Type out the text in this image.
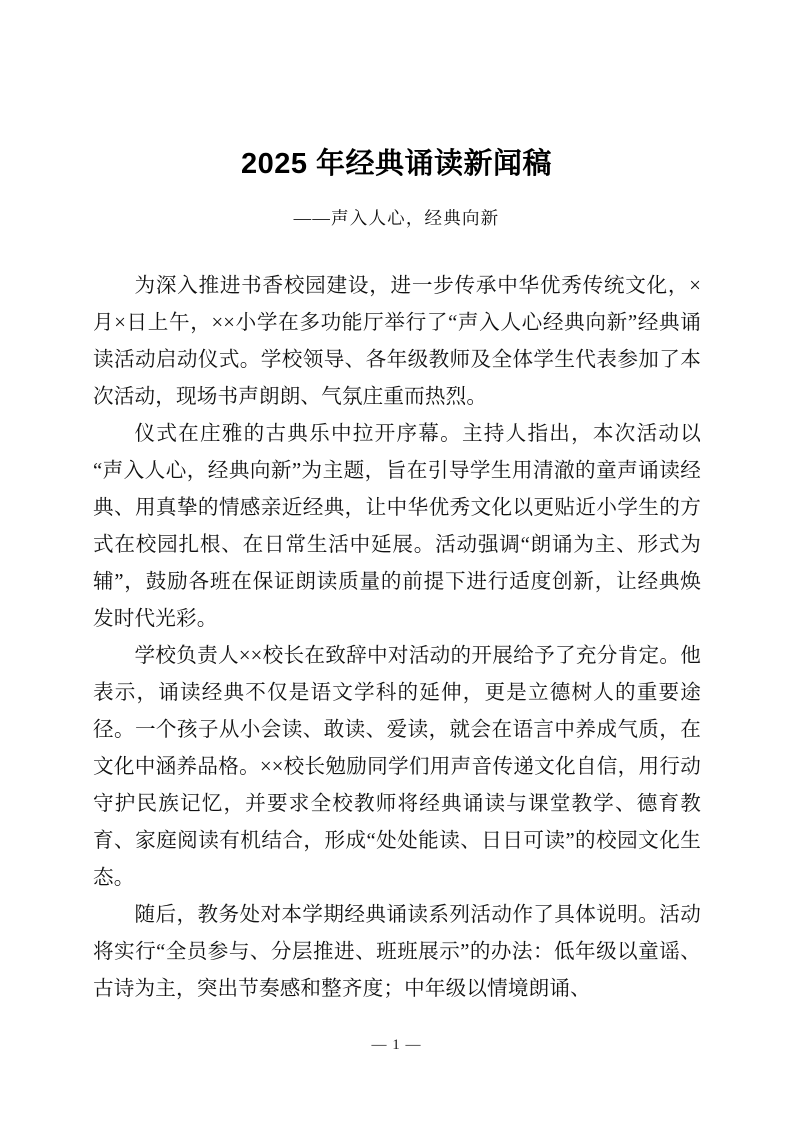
2025 年经典诵读新闻稿
——声入人心，经典向新

为深入推进书香校园建设，进一步传承中华优秀传统文化，×月×日上午，××小学在多功能厅举行了“声入人心经典向新”经典诵读活动启动仪式。学校领导、各年级教师及全体学生代表参加了本次活动，现场书声朗朗、气氛庄重而热烈。

仪式在庄雅的古典乐中拉开序幕。主持人指出，本次活动以“声入人心，经典向新”为主题，旨在引导学生用清澈的童声诵读经典、用真挚的情感亲近经典，让中华优秀文化以更贴近小学生的方式在校园扎根、在日常生活中延展。活动强调“朗诵为主、形式为辅”，鼓励各班在保证朗读质量的前提下进行适度创新，让经典焕发时代光彩。

学校负责人××校长在致辞中对活动的开展给予了充分肯定。他表示，诵读经典不仅是语文学科的延伸，更是立德树人的重要途径。一个孩子从小会读、敢读、爱读，就会在语言中养成气质，在文化中涵养品格。××校长勉励同学们用声音传递文化自信，用行动守护民族记忆，并要求全校教师将经典诵读与课堂教学、德育教育、家庭阅读有机结合，形成“处处能读、日日可读”的校园文化生态。

随后，教务处对本学期经典诵读系列活动作了具体说明。活动将实行“全员参与、分层推进、班班展示”的办法：低年级以童谣、古诗为主，突出节奏感和整齐度；中年级以情境朗诵、

— 1 —
